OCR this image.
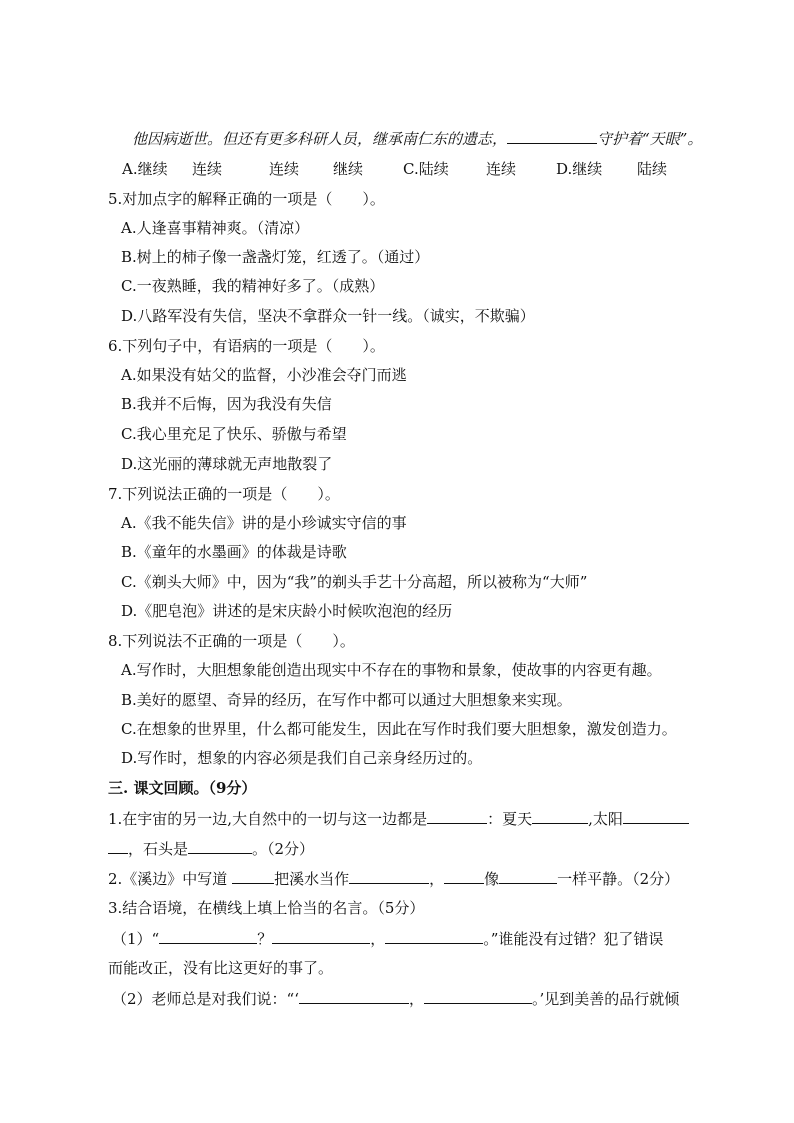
他因病逝世。但还有更多科研人员，继承南仁东的遗志，	守护着“天眼”。
A.继续 连续	连续 继续	C.陆续 连续	D.继续 陆续
5.对加点字的解释正确的一项是（　　）。
A.人逢喜事精神爽。（清凉）
B.树上的柿子像一盏盏灯笼，红透了。（通过）
C.一夜熟睡，我的精神好多了。（成熟）
D.八路军没有失信，坚决不拿群众一针一线。（诚实，不欺骗）
6.下列句子中，有语病的一项是（　　）。
A.如果没有姑父的监督，小沙准会夺门而逃
B.我并不后悔，因为我没有失信
C.我心里充足了快乐、骄傲与希望
D.这光丽的薄球就无声地散裂了
7.下列说法正确的一项是（　　）。
A.《我不能失信》讲的是小珍诚实守信的事
B.《童年的水墨画》的体裁是诗歌
C.《剃头大师》中，因为“我”的剃头手艺十分高超，所以被称为“大师”
D.《肥皂泡》讲述的是宋庆龄小时候吹泡泡的经历
8.下列说法不正确的一项是（　　）。
A.写作时，大胆想象能创造出现实中不存在的事物和景象，使故事的内容更有趣。
B.美好的愿望、奇异的经历，在写作中都可以通过大胆想象来实现。
C.在想象的世界里，什么都可能发生，因此在写作时我们要大胆想象，激发创造力。
D.写作时，想象的内容必须是我们自己亲身经历过的。
三. 课文回顾。（9分）
1.在宇宙的另一边,大自然中的一切与这一边都是	：夏天	,太阳
，石头是	。（2分）
2.《溪边》中写道	把溪水当作	，	像	一样平静。（2分）
3.结合语境，在横线上填上恰当的名言。（5分）
（1）“	？	，	。”谁能没有过错？犯了错误
而能改正，没有比这更好的事了。
（2）老师总是对我们说：“‘	，	。’见到美善的品行就倾
